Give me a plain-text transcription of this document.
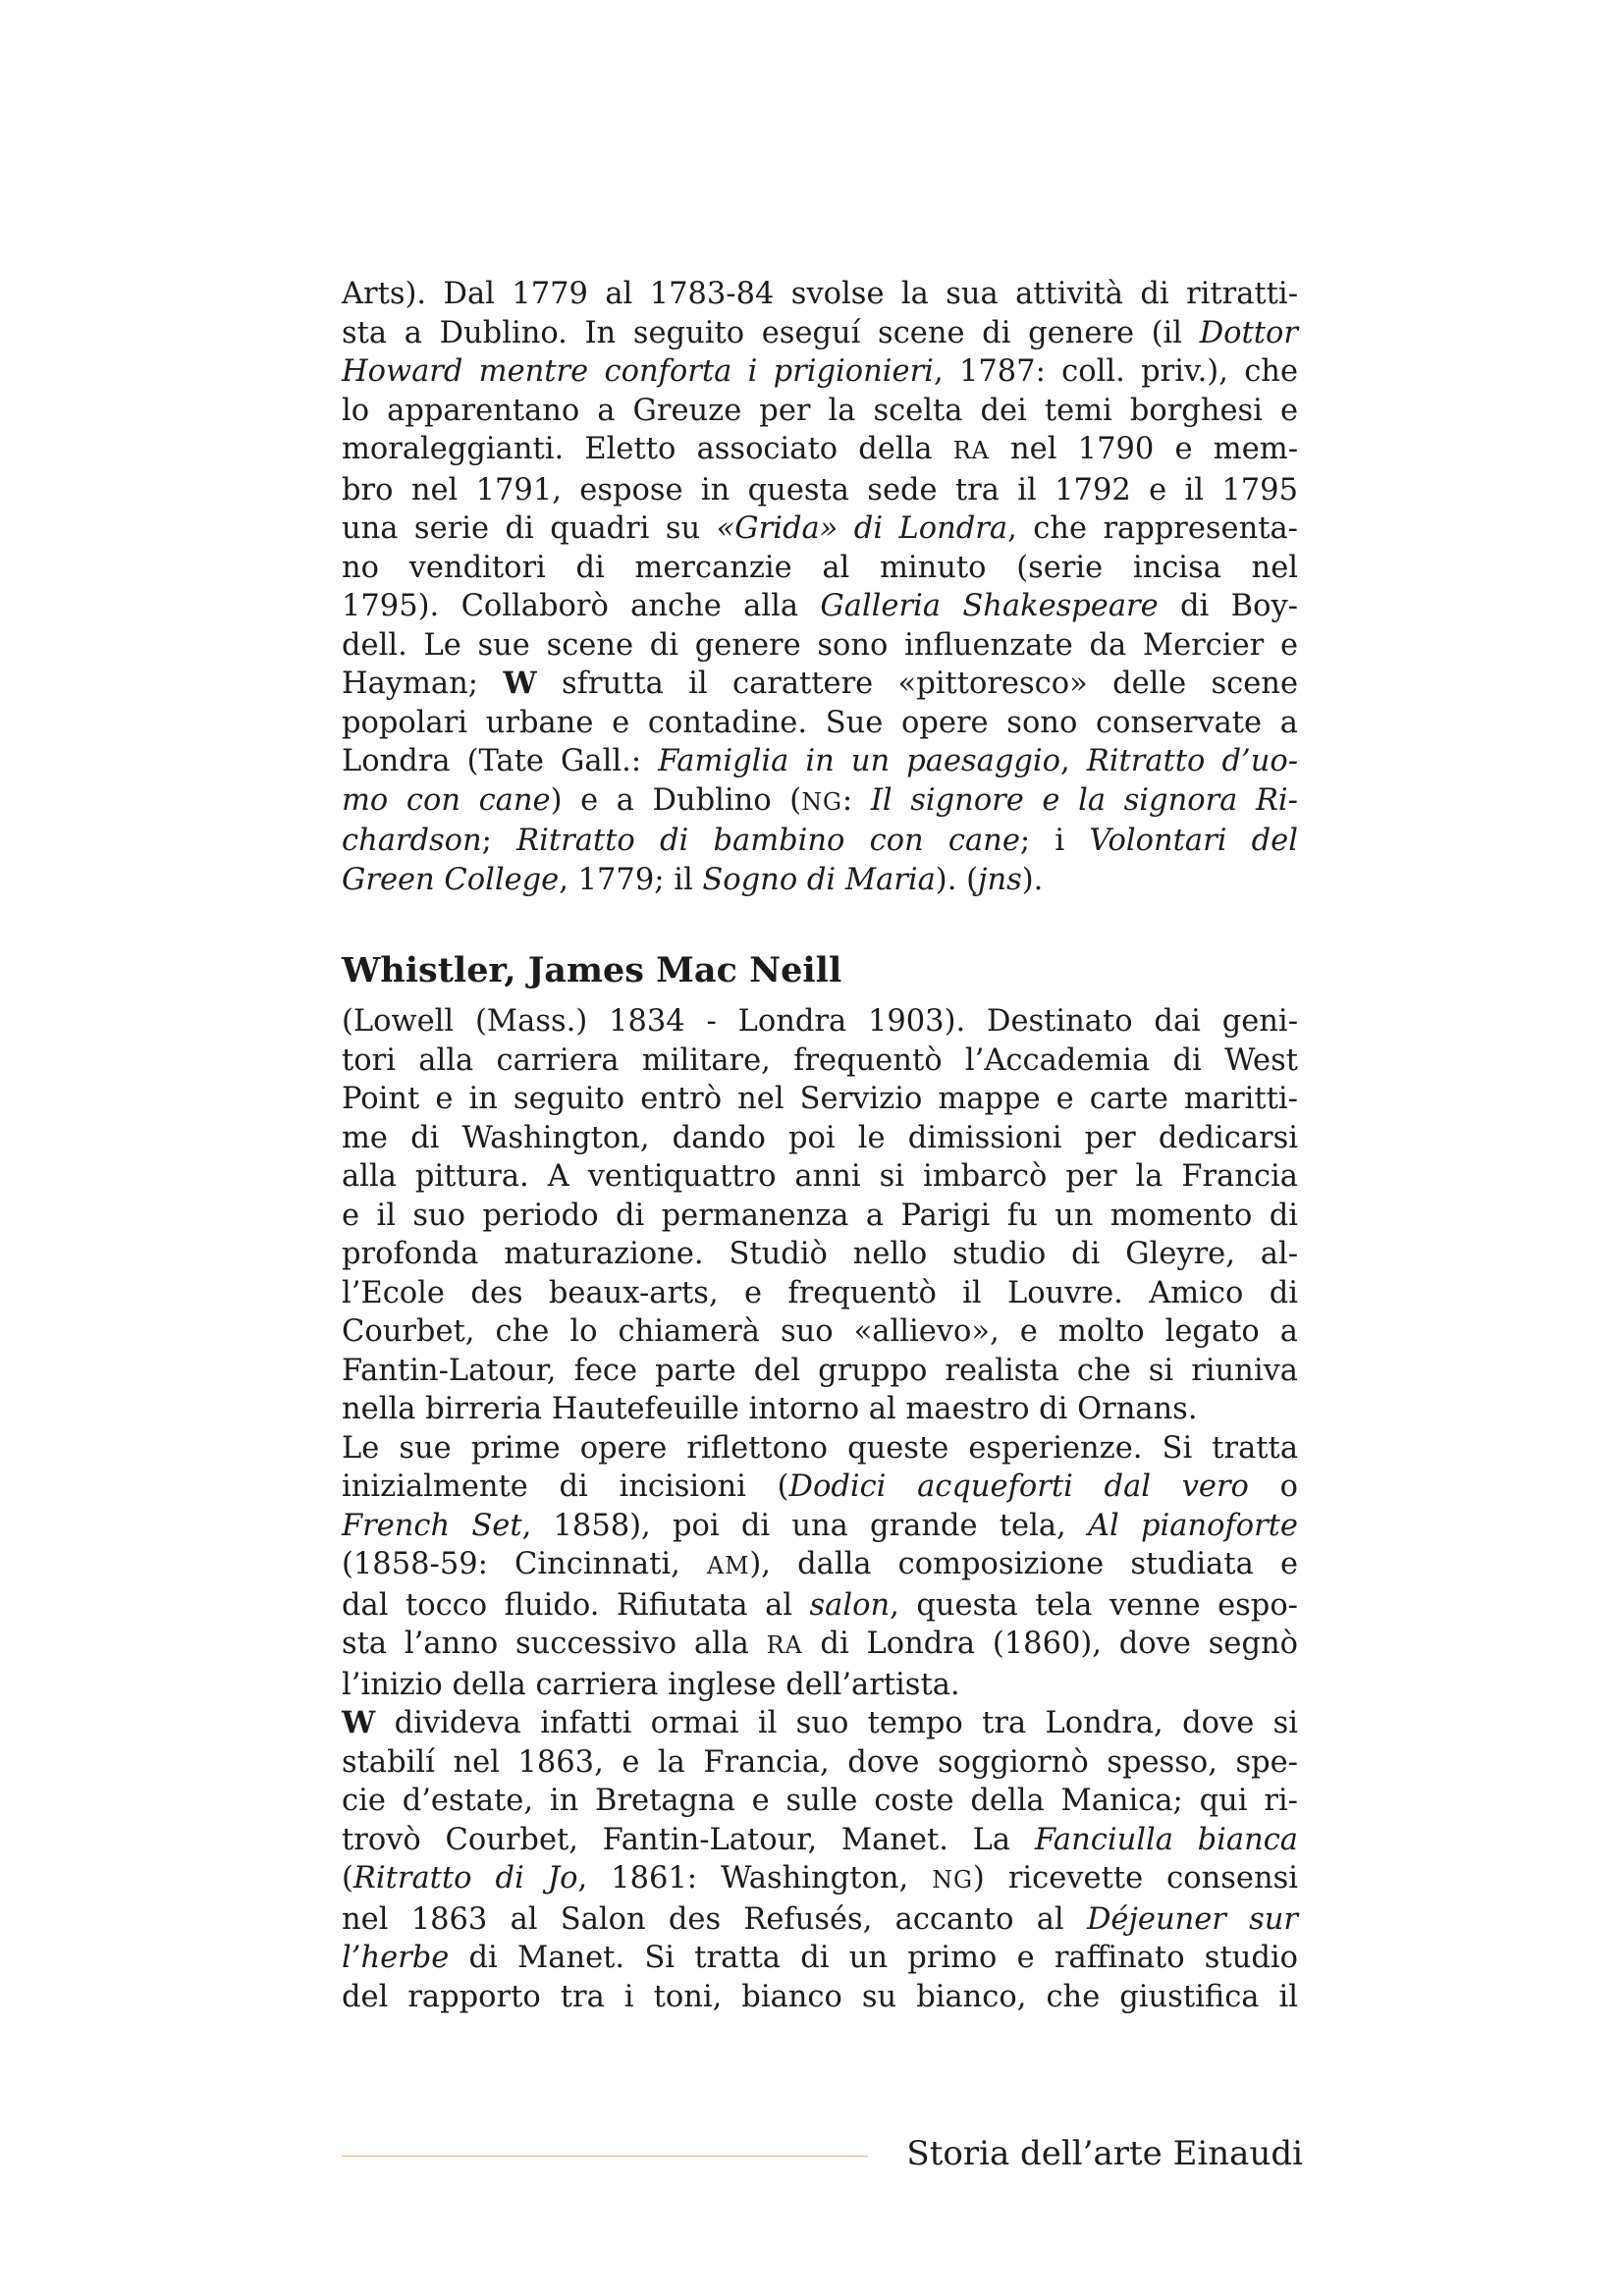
Arts). Dal 1779 al 1783-84 svolse la sua attività di ritratti-
sta a Dublino. In seguito eseguí scene di genere (il Dottor
Howard mentre conforta i prigionieri, 1787: coll. priv.), che
lo apparentano a Greuze per la scelta dei temi borghesi e
moraleggianti. Eletto associato della RA nel 1790 e mem-
bro nel 1791, espose in questa sede tra il 1792 e il 1795
una serie di quadri su «Grida» di Londra, che rappresenta-
no venditori di mercanzie al minuto (serie incisa nel
1795). Collaborò anche alla Galleria Shakespeare di Boy-
dell. Le sue scene di genere sono influenzate da Mercier e
Hayman; W sfrutta il carattere «pittoresco» delle scene
popolari urbane e contadine. Sue opere sono conservate a
Londra (Tate Gall.: Famiglia in un paesaggio, Ritratto d’uo-
mo con cane) e a Dublino (NG: Il signore e la signora Ri-
chardson; Ritratto di bambino con cane; i Volontari del
Green College, 1779; il Sogno di Maria). (jns).
Whistler, James Mac Neill
(Lowell (Mass.) 1834 - Londra 1903). Destinato dai geni-
tori alla carriera militare, frequentò l’Accademia di West
Point e in seguito entrò nel Servizio mappe e carte maritti-
me di Washington, dando poi le dimissioni per dedicarsi
alla pittura. A ventiquattro anni si imbarcò per la Francia
e il suo periodo di permanenza a Parigi fu un momento di
profonda maturazione. Studiò nello studio di Gleyre, al-
l’Ecole des beaux-arts, e frequentò il Louvre. Amico di
Courbet, che lo chiamerà suo «allievo», e molto legato a
Fantin-Latour, fece parte del gruppo realista che si riuniva
nella birreria Hautefeuille intorno al maestro di Ornans.
Le sue prime opere riflettono queste esperienze. Si tratta
inizialmente di incisioni (Dodici acqueforti dal vero o
French Set, 1858), poi di una grande tela, Al pianoforte
(1858-59: Cincinnati, AM), dalla composizione studiata e
dal tocco fluido. Rifiutata al salon, questa tela venne espo-
sta l’anno successivo alla RA di Londra (1860), dove segnò
l’inizio della carriera inglese dell’artista.
W divideva infatti ormai il suo tempo tra Londra, dove si
stabilí nel 1863, e la Francia, dove soggiornò spesso, spe-
cie d’estate, in Bretagna e sulle coste della Manica; qui ri-
trovò Courbet, Fantin-Latour, Manet. La Fanciulla bianca
(Ritratto di Jo, 1861: Washington, NG) ricevette consensi
nel 1863 al Salon des Refusés, accanto al Déjeuner sur
l’herbe di Manet. Si tratta di un primo e raffinato studio
del rapporto tra i toni, bianco su bianco, che giustifica il
Storia dell’arte Einaudi
